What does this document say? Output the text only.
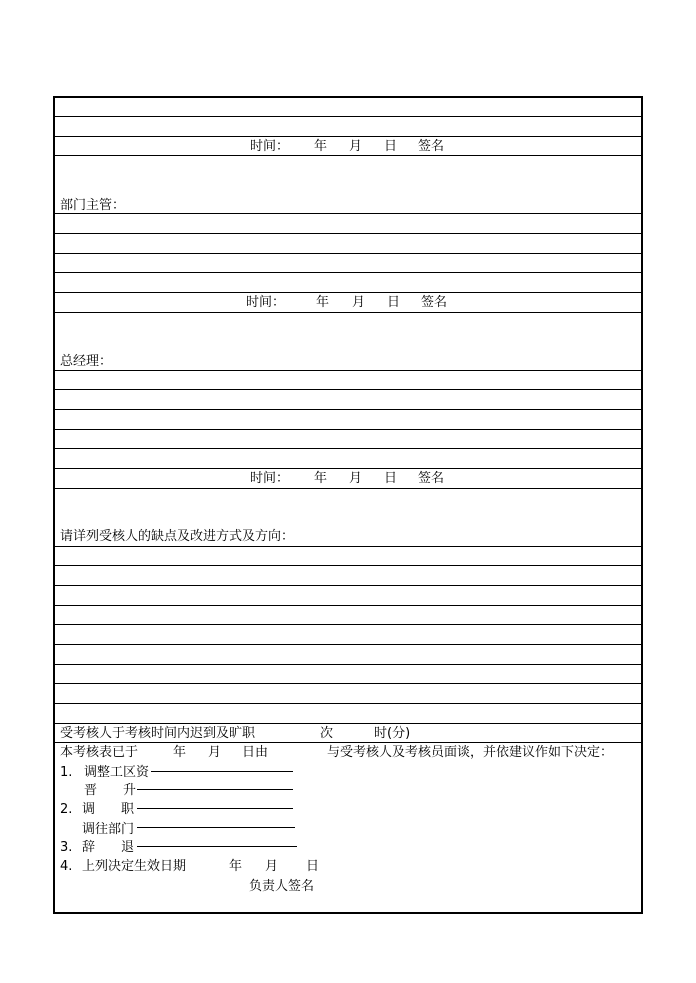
时间： 年 月 日 签名
部门主管：
时间： 年 月 日 签名
总经理：
时间： 年 月 日 签名
请详列受核人的缺点及改进方式及方向：
受考核人于考核时间内迟到及旷职	次	时(分)
本考核表已于	年 月 日由	与受考核人及考核员面谈，并依建议作如下决定：
1. 调整工区资
晋　　升
2. 调　　职
调往部门
3. 辞　　退
4. 上列决定生效日期	年 月 日
负责人签名
